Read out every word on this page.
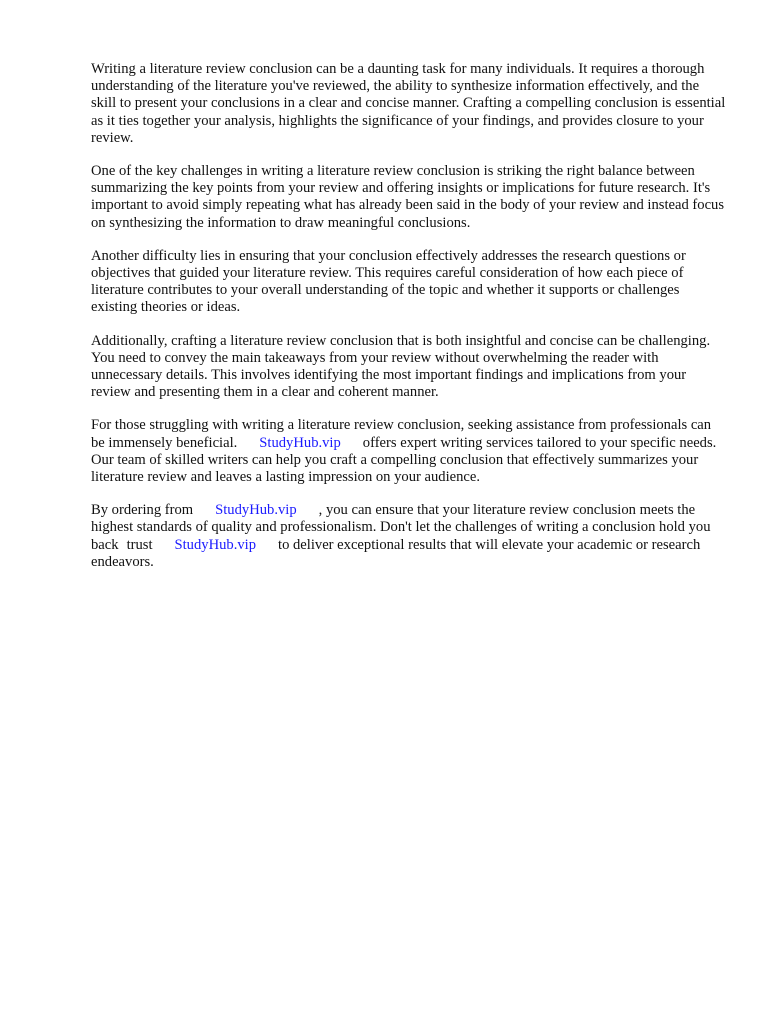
Writing a literature review conclusion can be a daunting task for many individuals. It requires a thorough understanding of the literature you've reviewed, the ability to synthesize information effectively, and the skill to present your conclusions in a clear and concise manner. Crafting a compelling conclusion is essential as it ties together your analysis, highlights the significance of your findings, and provides closure to your review.

One of the key challenges in writing a literature review conclusion is striking the right balance between summarizing the key points from your review and offering insights or implications for future research. It's important to avoid simply repeating what has already been said in the body of your review and instead focus on synthesizing the information to draw meaningful conclusions.

Another difficulty lies in ensuring that your conclusion effectively addresses the research questions or objectives that guided your literature review. This requires careful consideration of how each piece of literature contributes to your overall understanding of the topic and whether it supports or challenges existing theories or ideas.

Additionally, crafting a literature review conclusion that is both insightful and concise can be challenging. You need to convey the main takeaways from your review without overwhelming the reader with unnecessary details. This involves identifying the most important findings and implications from your review and presenting them in a clear and coherent manner.

For those struggling with writing a literature review conclusion, seeking assistance from professionals can be immensely beneficial. StudyHub.vip offers expert writing services tailored to your specific needs. Our team of skilled writers can help you craft a compelling conclusion that effectively summarizes your literature review and leaves a lasting impression on your audience.

By ordering from StudyHub.vip , you can ensure that your literature review conclusion meets the highest standards of quality and professionalism. Don't let the challenges of writing a conclusion hold you back trust StudyHub.vip to deliver exceptional results that will elevate your academic or research endeavors.
